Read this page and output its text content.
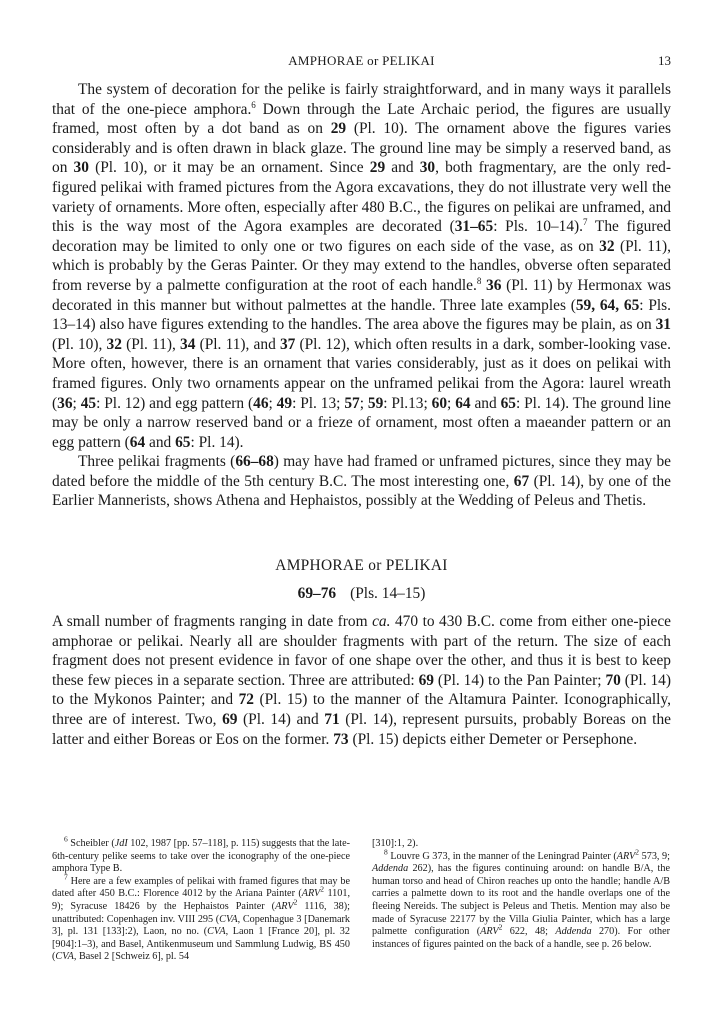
AMPHORAE or PELIKAI	13

The system of decoration for the pelike is fairly straightforward, and in many ways it parallels that of the one-piece amphora.$^6$ Down through the Late Archaic period, the figures are usually framed, most often by a dot band as on 29 (Pl. 10). The ornament above the figures varies considerably and is often drawn in black glaze. The ground line may be simply a reserved band, as on 30 (Pl. 10), or it may be an ornament. Since 29 and 30, both fragmentary, are the only red-figured pelikai with framed pictures from the Agora excavations, they do not illustrate very well the variety of ornaments. More often, especially after 480 B.C., the figures on pelikai are unframed, and this is the way most of the Agora examples are decorated (31–65: Pls. 10–14).$^7$ The figured decoration may be limited to only one or two figures on each side of the vase, as on 32 (Pl. 11), which is probably by the Geras Painter. Or they may extend to the handles, obverse often separated from reverse by a palmette configuration at the root of each handle.$^8$ 36 (Pl. 11) by Hermonax was decorated in this manner but without palmettes at the handle. Three late examples (59, 64, 65: Pls. 13–14) also have figures extending to the handles. The area above the figures may be plain, as on 31 (Pl. 10), 32 (Pl. 11), 34 (Pl. 11), and 37 (Pl. 12), which often results in a dark, somber-looking vase. More often, however, there is an ornament that varies considerably, just as it does on pelikai with framed figures. Only two ornaments appear on the unframed pelikai from the Agora: laurel wreath (36; 45: Pl. 12) and egg pattern (46; 49: Pl. 13; 57; 59: Pl.13; 60; 64 and 65: Pl. 14). The ground line may be only a narrow reserved band or a frieze of ornament, most often a maeander pattern or an egg pattern (64 and 65: Pl. 14).

Three pelikai fragments (66–68) may have had framed or unframed pictures, since they may be dated before the middle of the 5th century B.C. The most interesting one, 67 (Pl. 14), by one of the Earlier Mannerists, shows Athena and Hephaistos, possibly at the Wedding of Peleus and Thetis.

AMPHORAE or PELIKAI
69–76 (Pls. 14–15)

A small number of fragments ranging in date from ca. 470 to 430 B.C. come from either one-piece amphorae or pelikai. Nearly all are shoulder fragments with part of the return. The size of each fragment does not present evidence in favor of one shape over the other, and thus it is best to keep these few pieces in a separate section. Three are attributed: 69 (Pl. 14) to the Pan Painter; 70 (Pl. 14) to the Mykonos Painter; and 72 (Pl. 15) to the manner of the Altamura Painter. Iconographically, three are of interest. Two, 69 (Pl. 14) and 71 (Pl. 14), represent pursuits, probably Boreas on the latter and either Boreas or Eos on the former. 73 (Pl. 15) depicts either Demeter or Persephone.

$^6$ Scheibler (JdI 102, 1987 [pp. 57–118], p. 115) suggests that the late-6th-century pelike seems to take over the iconography of the one-piece amphora Type B.

$^7$ Here are a few examples of pelikai with framed figures that may be dated after 450 B.C.: Florence 4012 by the Ariana Painter (ARV$^2$ 1101, 9); Syracuse 18426 by the Hephaistos Painter (ARV$^2$ 1116, 38); unattributed: Copenhagen inv. VIII 295 (CVA, Copenhague 3 [Danemark 3], pl. 131 [133]:2), Laon, no no. (CVA, Laon 1 [France 20], pl. 32 [904]:1–3), and Basel, Antikenmuseum und Sammlung Ludwig, BS 450 (CVA, Basel 2 [Schweiz 6], pl. 54

[310]:1, 2).

$^8$ Louvre G 373, in the manner of the Leningrad Painter (ARV$^2$ 573, 9; Addenda 262), has the figures continuing around: on handle B/A, the human torso and head of Chiron reaches up onto the handle; handle A/B carries a palmette down to its root and the handle overlaps one of the fleeing Nereids. The subject is Peleus and Thetis. Mention may also be made of Syracuse 22177 by the Villa Giulia Painter, which has a large palmette configuration (ARV$^2$ 622, 48; Addenda 270). For other instances of figures painted on the back of a handle, see p. 26 below.
